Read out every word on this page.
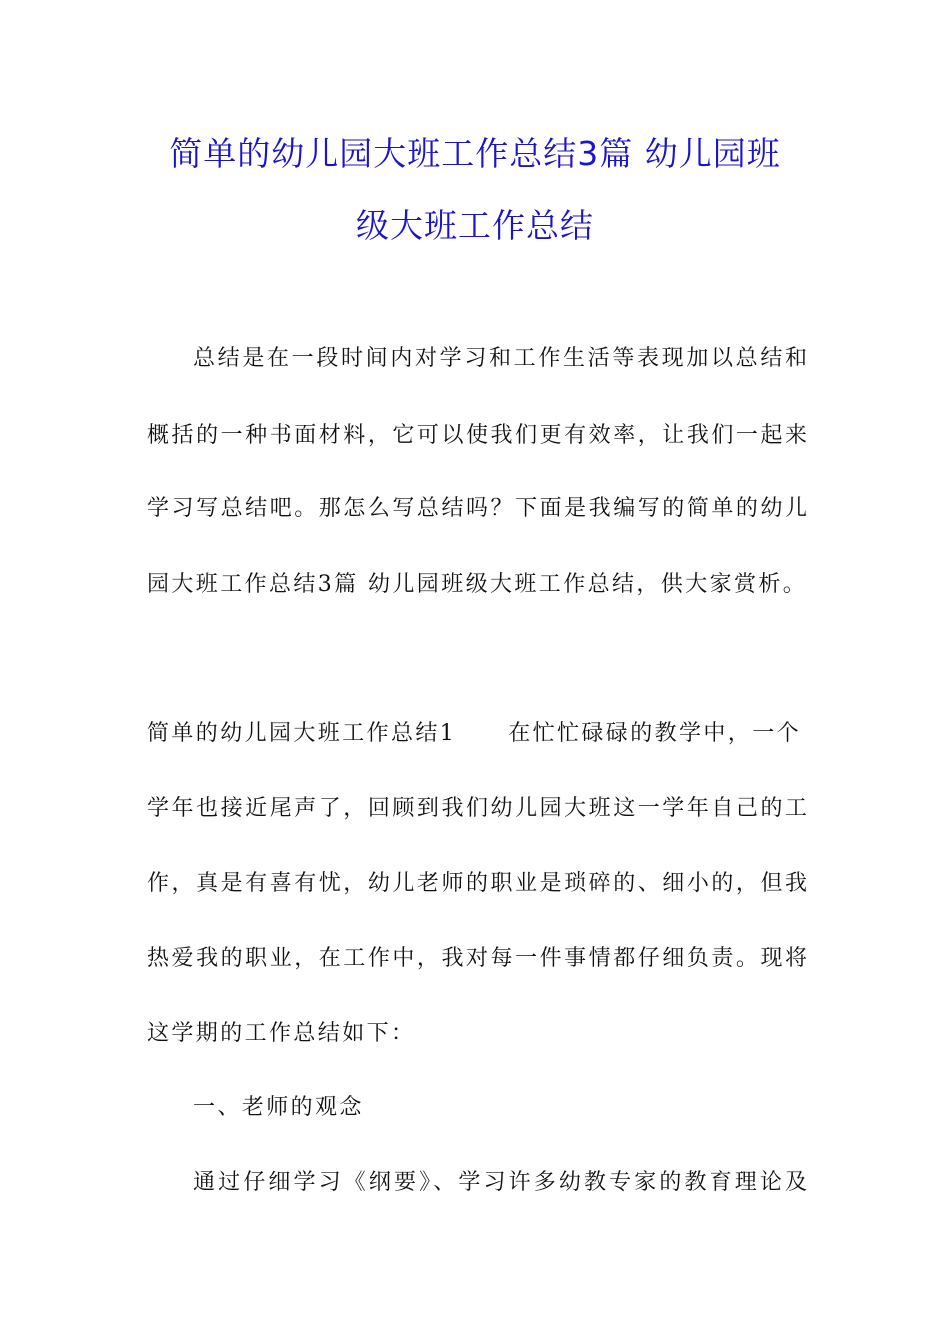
简单的幼儿园大班工作总结3篇 幼儿园班
级大班工作总结
总结是在一段时间内对学习和工作生活等表现加以总结和
概括的一种书面材料，它可以使我们更有效率，让我们一起来
学习写总结吧。那怎么写总结吗？下面是我编写的简单的幼儿
园大班工作总结3篇 幼儿园班级大班工作总结，供大家赏析。
简单的幼儿园大班工作总结1 在忙忙碌碌的教学中，一个
学年也接近尾声了，回顾到我们幼儿园大班这一学年自己的工
作，真是有喜有忧，幼儿老师的职业是琐碎的、细小的，但我
热爱我的职业，在工作中，我对每一件事情都仔细负责。现将
这学期的工作总结如下：
一、老师的观念
通过仔细学习《纲要》、学习许多幼教专家的教育理论及
